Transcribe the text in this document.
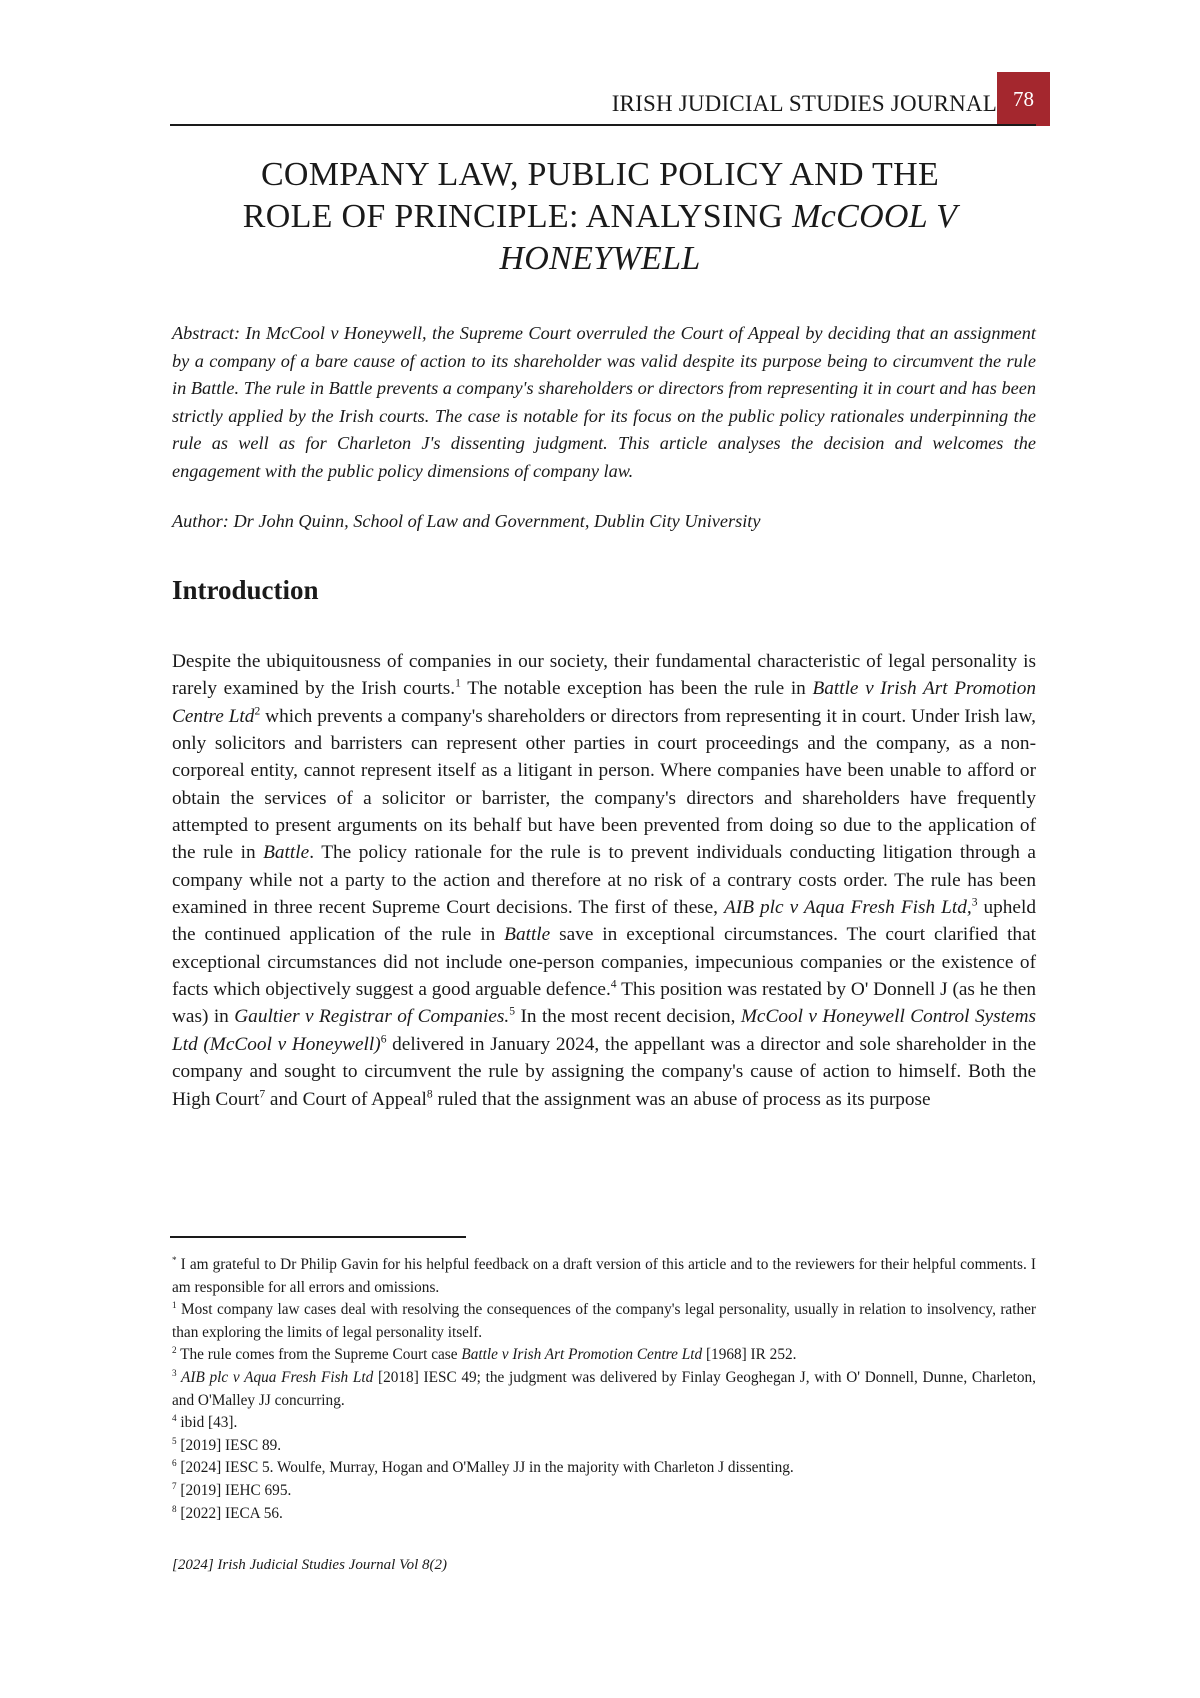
IRISH JUDICIAL STUDIES JOURNAL 78
COMPANY LAW, PUBLIC POLICY AND THE
ROLE OF PRINCIPLE: ANALYSING McCOOL V
HONEYWELL

Abstract: In McCool v Honeywell, the Supreme Court overruled the Court of Appeal by deciding that an assignment by a company of a bare cause of action to its shareholder was valid despite its purpose being to circumvent the rule in Battle. The rule in Battle prevents a company's shareholders or directors from representing it in court and has been strictly applied by the Irish courts. The case is notable for its focus on the public policy rationales underpinning the rule as well as for Charleton J's dissenting judgment. This article analyses the decision and welcomes the engagement with the public policy dimensions of company law.

Author: Dr John Quinn, School of Law and Government, Dublin City University

Introduction

Despite the ubiquitousness of companies in our society, their fundamental characteristic of legal personality is rarely examined by the Irish courts.$^1$ The notable exception has been the rule in Battle v Irish Art Promotion Centre Ltd$^2$ which prevents a company's shareholders or directors from representing it in court. Under Irish law, only solicitors and barristers can represent other parties in court proceedings and the company, as a non-corporeal entity, cannot represent itself as a litigant in person. Where companies have been unable to afford or obtain the services of a solicitor or barrister, the company's directors and shareholders have frequently attempted to present arguments on its behalf but have been prevented from doing so due to the application of the rule in Battle. The policy rationale for the rule is to prevent individuals conducting litigation through a company while not a party to the action and therefore at no risk of a contrary costs order. The rule has been examined in three recent Supreme Court decisions. The first of these, AIB plc v Aqua Fresh Fish Ltd,$^3$ upheld the continued application of the rule in Battle save in exceptional circumstances. The court clarified that exceptional circumstances did not include one-person companies, impecunious companies or the existence of facts which objectively suggest a good arguable defence.$^4$ This position was restated by O' Donnell J (as he then was) in Gaultier v Registrar of Companies.$^5$ In the most recent decision, McCool v Honeywell Control Systems Ltd (McCool v Honeywell)$^6$ delivered in January 2024, the appellant was a director and sole shareholder in the company and sought to circumvent the rule by assigning the company's cause of action to himself. Both the High Court$^7$ and Court of Appeal$^8$ ruled that the assignment was an abuse of process as its purpose

* I am grateful to Dr Philip Gavin for his helpful feedback on a draft version of this article and to the reviewers for their helpful comments. I am responsible for all errors and omissions.

$^1$ Most company law cases deal with resolving the consequences of the company's legal personality, usually in relation to insolvency, rather than exploring the limits of legal personality itself.

$^2$ The rule comes from the Supreme Court case Battle v Irish Art Promotion Centre Ltd [1968] IR 252.

$^3$ AIB plc v Aqua Fresh Fish Ltd [2018] IESC 49; the judgment was delivered by Finlay Geoghegan J, with O' Donnell, Dunne, Charleton, and O'Malley JJ concurring.

$^4$ ibid [43].

$^5$ [2019] IESC 89.

$^6$ [2024] IESC 5. Woulfe, Murray, Hogan and O'Malley JJ in the majority with Charleton J dissenting.

$^7$ [2019] IEHC 695.

$^8$ [2022] IECA 56.

[2024] Irish Judicial Studies Journal Vol 8(2)
